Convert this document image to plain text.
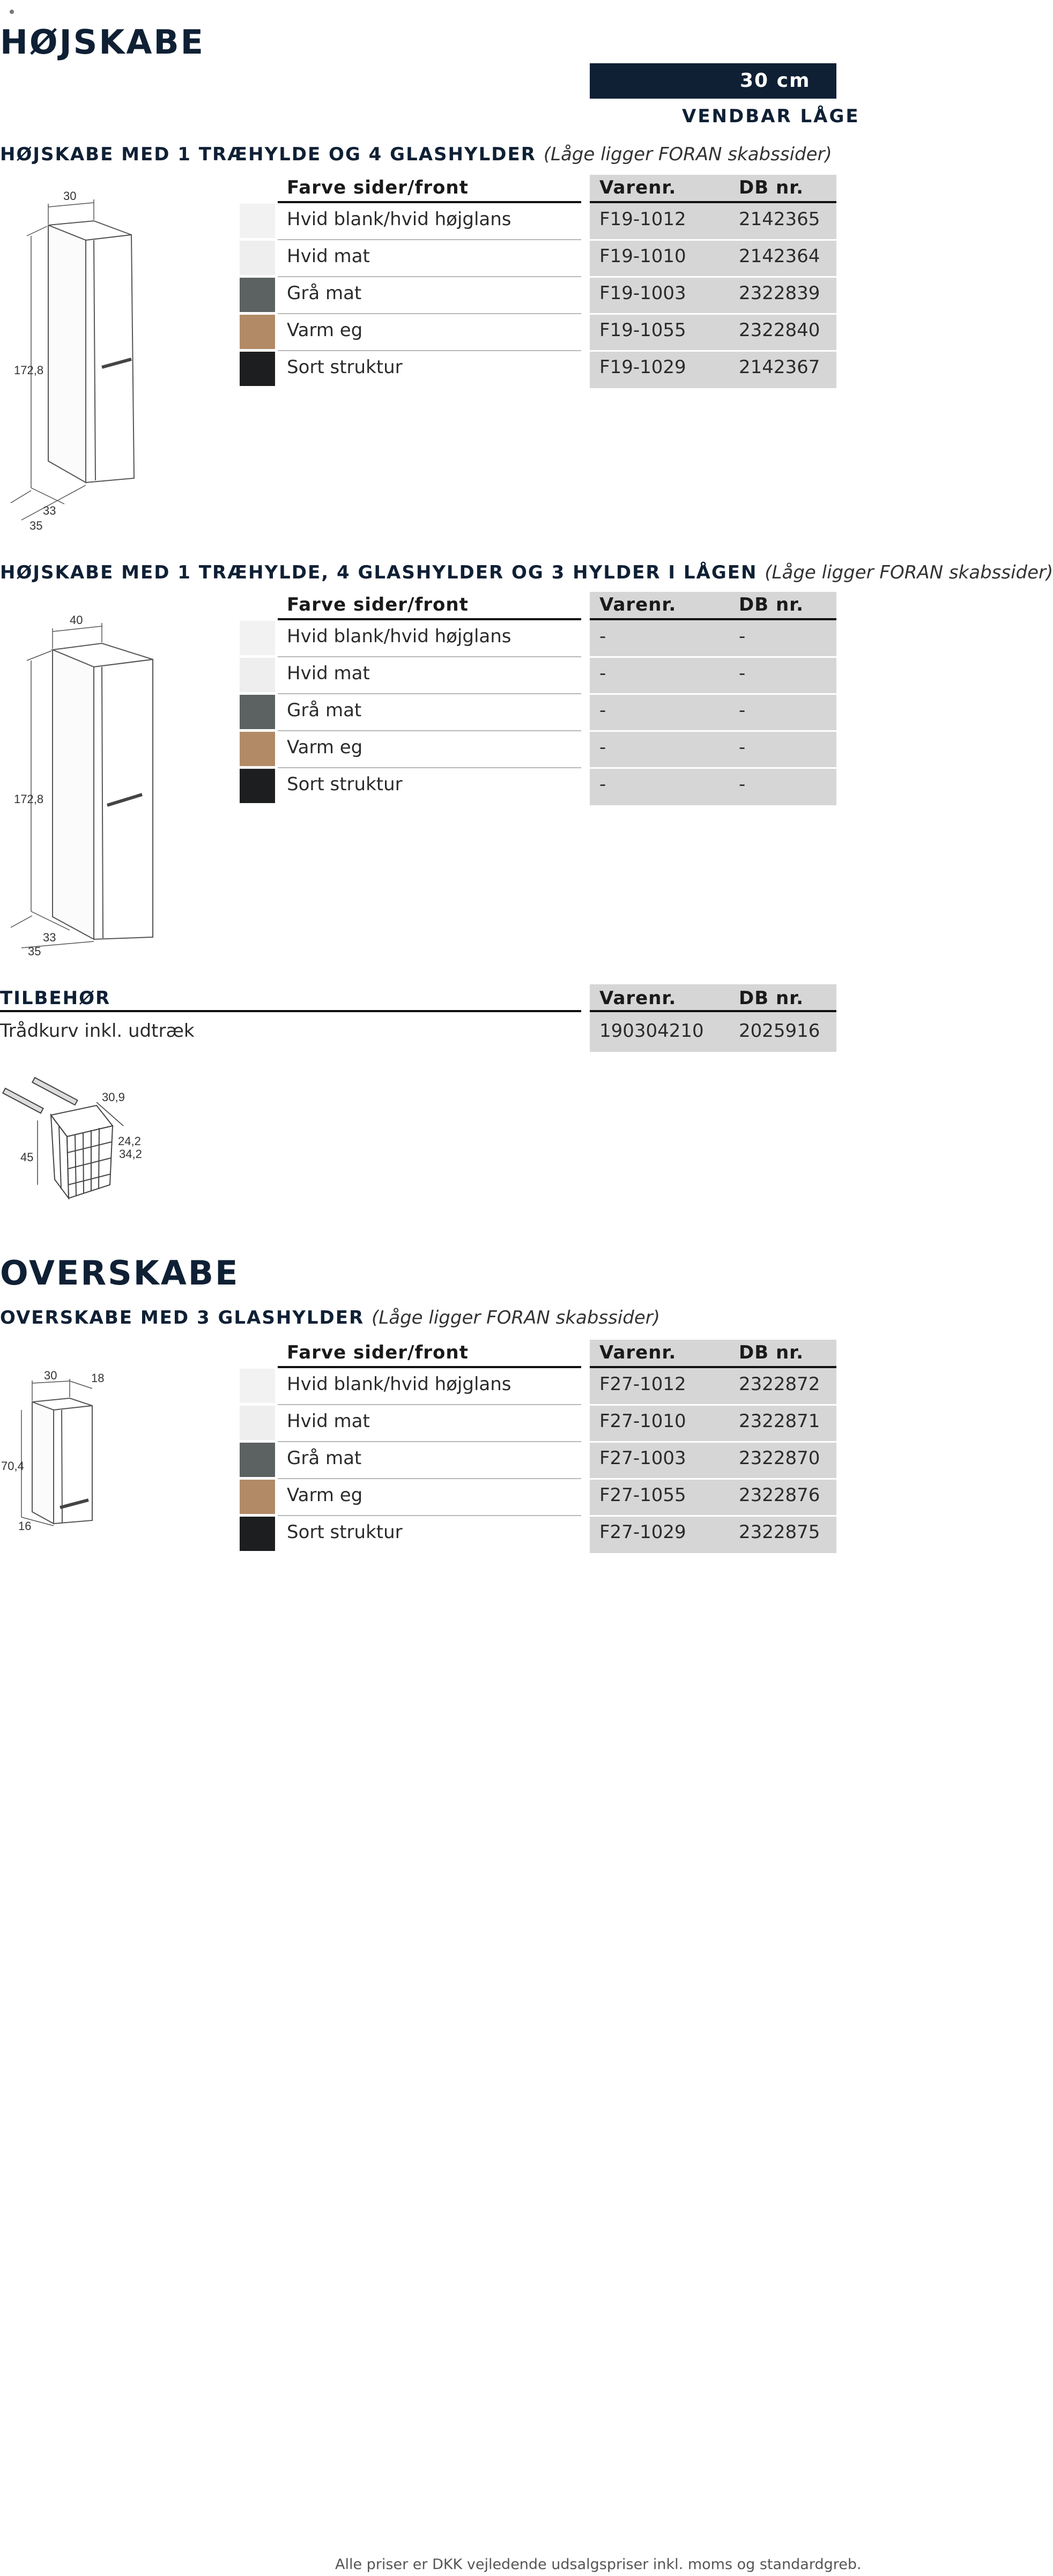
HØJSKABE
30 cm
VENDBAR LÅGE
HØJSKABE MED 1 TRÆHYLDE OG 4 GLASHYLDER (Låge ligger FORAN skabssider)
30
172,8
33
35
Farve sider/front	Varenr.	DB nr.
Hvid blank/hvid højglans	F19-1012	2142365
Hvid mat	F19-1010	2142364
Grå mat	F19-1003	2322839
Varm eg	F19-1055	2322840
Sort struktur	F19-1029	2142367
HØJSKABE MED 1 TRÆHYLDE, 4 GLASHYLDER OG 3 HYLDER I LÅGEN (Låge ligger FORAN skabssider)
40
172,8
33
35
Farve sider/front	Varenr.	DB nr.
Hvid blank/hvid højglans	-	-
Hvid mat	-	-
Grå mat	-	-
Varm eg	-	-
Sort struktur	-	-
TILBEHØR	Varenr.	DB nr.
Trådkurv inkl. udtræk	190304210 2025916
45
30,9
24,2
34,2
OVERSKABE
OVERSKABE MED 3 GLASHYLDER (Låge ligger FORAN skabssider)
30	18
70,4
16
Farve sider/front	Varenr.	DB nr.
Hvid blank/hvid højglans	F27-1012	2322872
Hvid mat	F27-1010	2322871
Grå mat	F27-1003	2322870
Varm eg	F27-1055	2322876
Sort struktur	F27-1029	2322875
Alle priser er DKK vejledende udsalgspriser inkl. moms og standardgreb.
